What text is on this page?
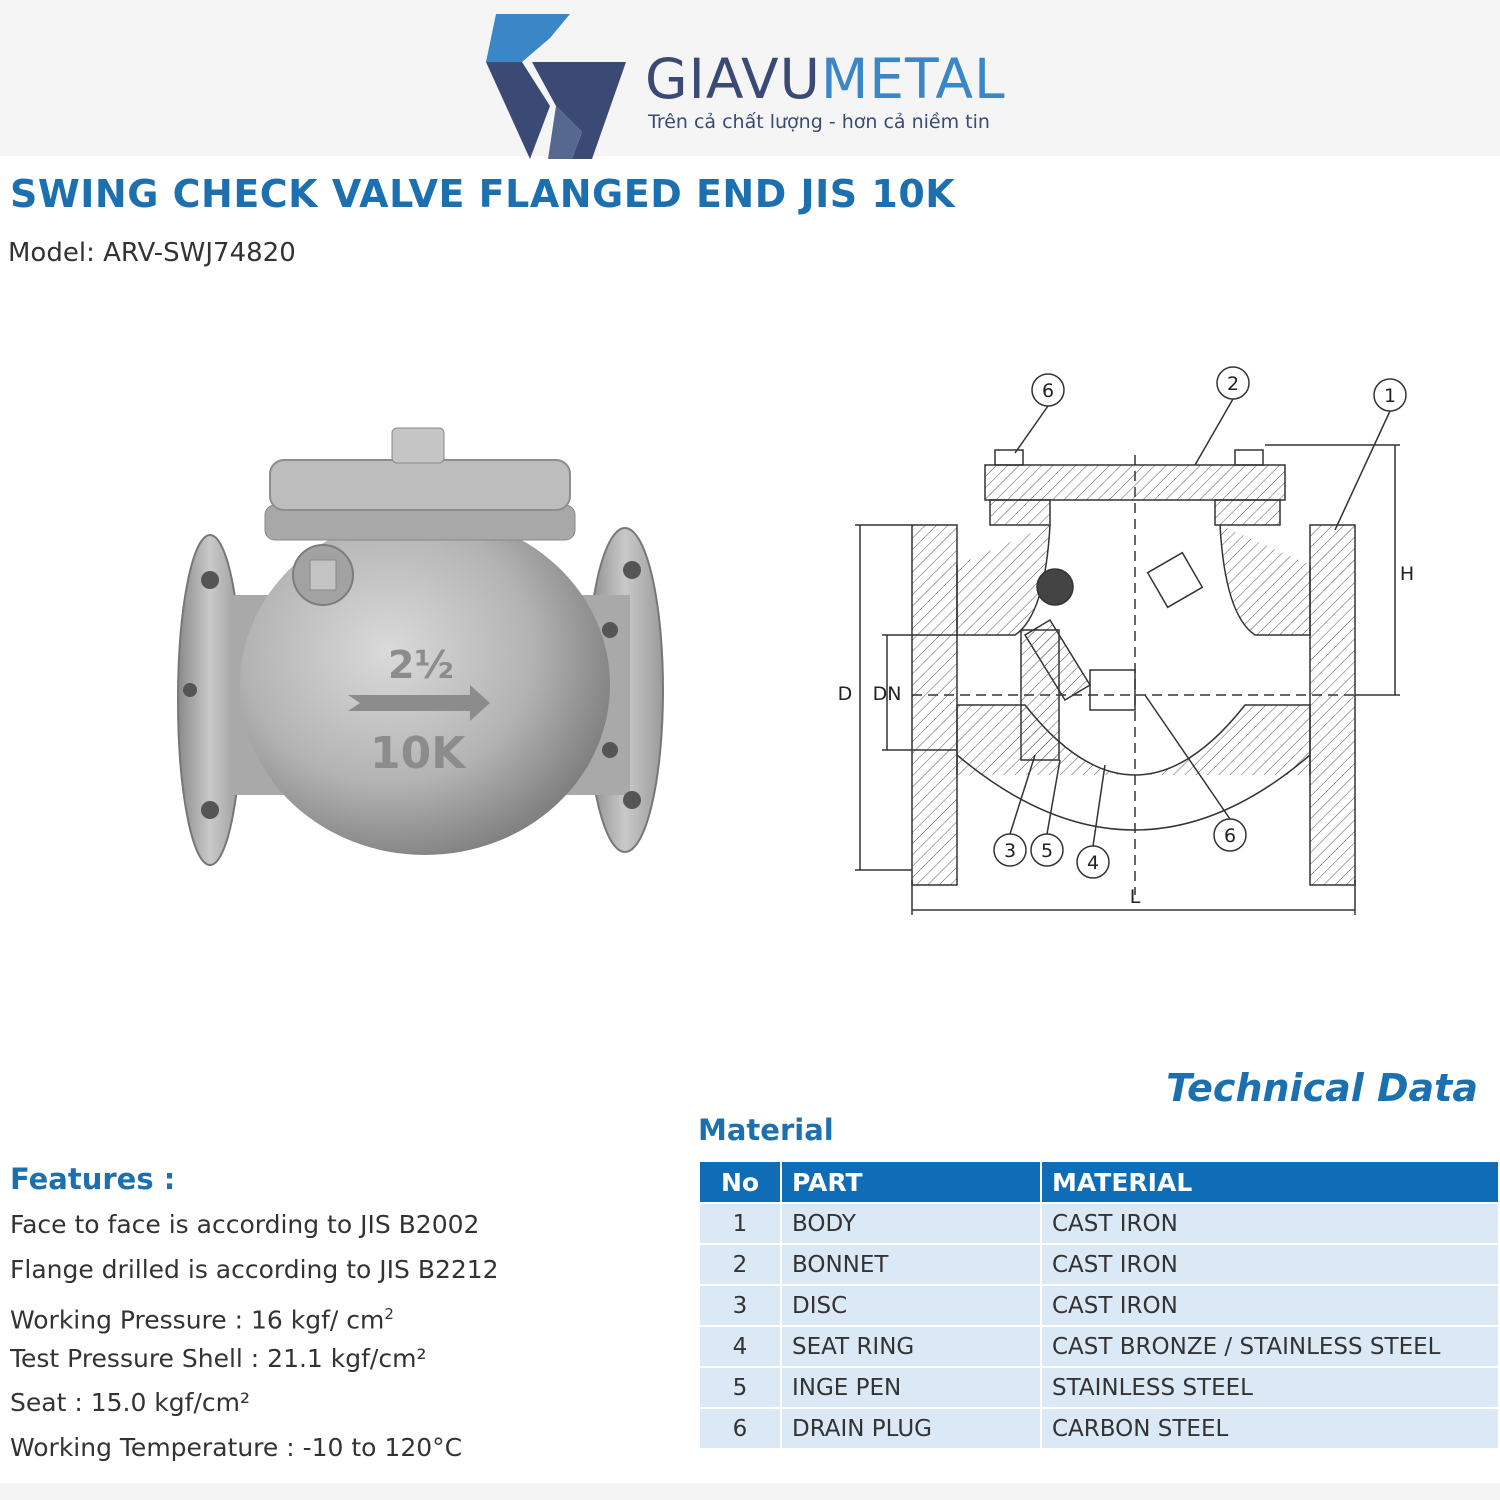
GIAVUMETAL
Trên cả chất lượng - hơn cả niềm tin
SWING CHECK VALVE FLANGED END JIS 10K
Model: ARV-SWJ74820
2½
10K
6	2
1
3 5
4
6
H
D DN
L
Technical Data
Material
Features :
Face to face is according to JIS B2002
Flange drilled is according to JIS B2212
Working Pressure : 16 kgf/ $cm^2$
Test Pressure Shell : 21.1 kgf/cm²
Seat : 15.0 kgf/cm²
Working Temperature : -10 to 120°C
No	PART	MATERIAL
1	BODY	CAST IRON
2	BONNET	CAST IRON
3	DISC	CAST IRON
4	SEAT RING	CAST BRONZE / STAINLESS STEEL
5	INGE PEN	STAINLESS STEEL
6	DRAIN PLUG	CARBON STEEL
